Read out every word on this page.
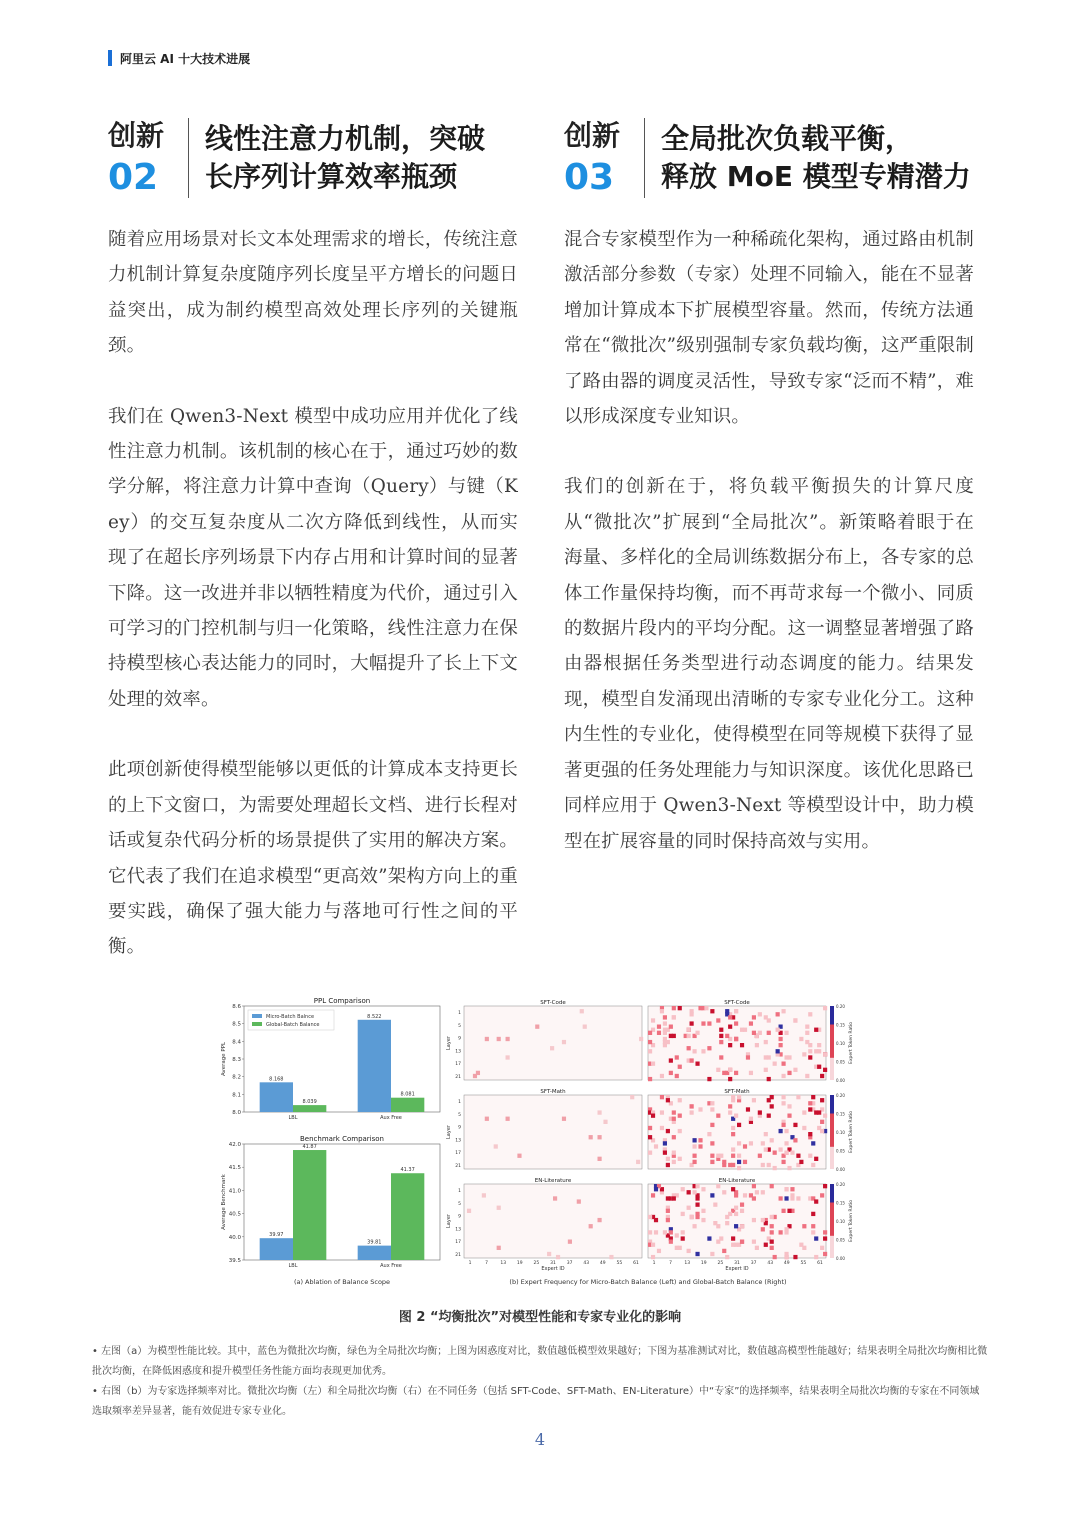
阿里云 AI 十大技术进展
创新
02
线性注意力机制，突破
长序列计算效率瓶颈

随着应用场景对长文本处理需求的增长，传统注意力机制计算复杂度随序列长度呈平方增长的问题日益突出，成为制约模型高效处理长序列的关键瓶颈。

我们在 Qwen3-Next 模型中成功应用并优化了线性注意力机制。该机制的核心在于，通过巧妙的数学分解，将注意力计算中查询（Query）与键（Key）的交互复杂度从二次方降低到线性，从而实现了在超长序列场景下内存占用和计算时间的显著下降。这一改进并非以牺牲精度为代价，通过引入可学习的门控机制与归一化策略，线性注意力在保持模型核心表达能力的同时，大幅提升了长上下文处理的效率。

此项创新使得模型能够以更低的计算成本支持更长的上下文窗口，为需要处理超长文档、进行长程对话或复杂代码分析的场景提供了实用的解决方案。它代表了我们在追求模型“更高效”架构方向上的重要实践，确保了强大能力与落地可行性之间的平衡。

创新
03
全局批次负载平衡，
释放 MoE 模型专精潜力

混合专家模型作为一种稀疏化架构，通过路由机制激活部分参数（专家）处理不同输入，能在不显著增加计算成本下扩展模型容量。然而，传统方法通常在“微批次”级别强制专家负载均衡，这严重限制了路由器的调度灵活性，导致专家“泛而不精”，难以形成深度专业知识。

我们的创新在于，将负载平衡损失的计算尺度从“微批次”扩展到“全局批次”。新策略着眼于在海量、多样化的全局训练数据分布上，各专家的总体工作量保持均衡，而不再苛求每一个微小、同质的数据片段内的平均分配。这一调整显著增强了路由器根据任务类型进行动态调度的能力。结果发现，模型自发涌现出清晰的专家专业化分工。这种内生性的专业化，使得模型在同等规模下获得了显著更强的任务处理能力与知识深度。该优化思路已同样应用于 Qwen3-Next 等模型设计中，助力模型在扩展容量的同时保持高效与实用。

PPL Comparison
8.0
8.1
8.2
8.3
8.4
8.5
8.6
Average PPL
8.168
8.039
LBL
8.522
8.081
Aux Free
Micro-Batch Balnce
Global-Batch Balance
Benchmark Comparison
39.5
40.0
40.5
41.0
41.5
42.0
Average Benchmark
39.97
41.87
LBL
39.81
41.37
Aux Free
(a) Ablation of Balance Scope
SFT-Code
1
5
9
13
17
21
Layer
SFT-Code
0.20
0.15
0.10
0.05
0.00
Expert Token Ratio
SFT-Math
1
5
9
13
17
21
Layer
SFT-Math
0.20
0.15
0.10
0.05
0.00
Expert Token Ratio
EN-Literature
1
5
9
13
17
21
Layer
1	7	13 19 25 31 37 43 49 55 61
Expert ID
EN-Literature
0.20
0.15
0.10
0.05
0.00
Expert Token Ratio
1	7	13 19 25 31 37 43 49 55 61
Expert ID
(b) Expert Frequency for Micro-Batch Balance (Left) and Global-Batch Balance (Right)
图 2 “均衡批次”对模型性能和专家专业化的影响
• 左图（a）为模型性能比较。其中，蓝色为微批次均衡，绿色为全局批次均衡；上图为困惑度对比，数值越低模型效果越好；下图为基准测试对比，数值越高模型性能越好；结果表明全局批次均衡相比微批次均衡，在降低困惑度和提升模型任务性能方面均表现更加优秀。
• 右图（b）为专家选择频率对比。微批次均衡（左）和全局批次均衡（右）在不同任务（包括 SFT-Code、SFT-Math、EN-Literature）中“专家”的选择频率，结果表明全局批次均衡的专家在不同领域选取频率差异显著，能有效促进专家专业化。
4
